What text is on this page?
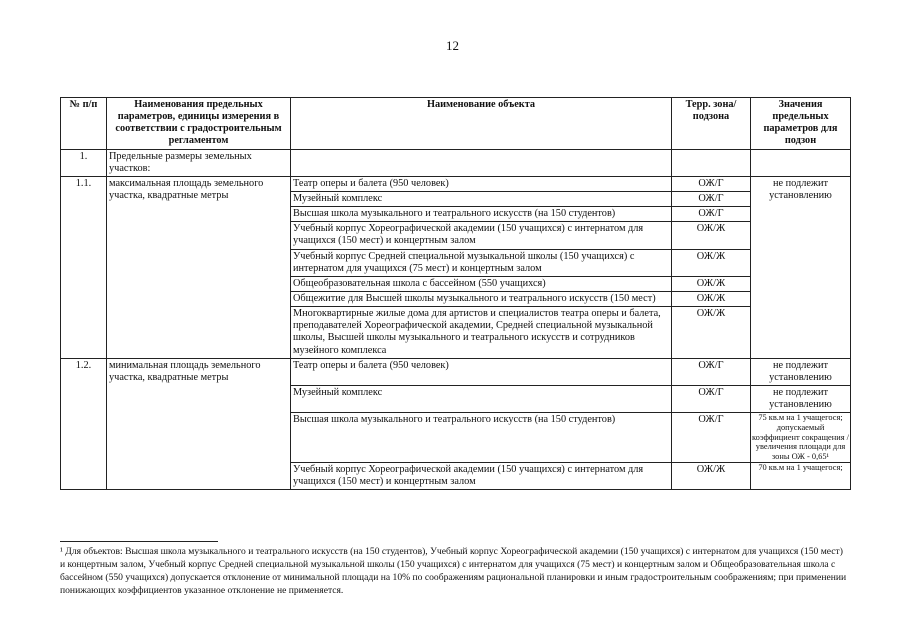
12
№ п/п	Наименования предельных параметров, единицы измерения в соответствии с градостроительным регламентом	Наименование объекта	Терр. зона/подзона	Значения предельных параметров для подзон
1.	Предельные размеры земельных участков:			
1.1.	максимальная площадь земельного участка, квадратные метры	Театр оперы и балета (950 человек)	ОЖ/Г	не подлежит установлению
		Музейный комплекс	ОЖ/Г	
		Высшая школа музыкального и театрального искусств (на 150 студентов)	ОЖ/Г	
		Учебный корпус Хореографической академии (150 учащихся) с интернатом для учащихся (150 мест) и концертным залом	ОЖ/Ж	
		Учебный корпус Средней специальной музыкальной школы (150 учащихся) с интернатом для учащихся (75 мест) и концертным залом	ОЖ/Ж	
		Общеобразовательная школа с бассейном (550 учащихся)	ОЖ/Ж	
		Общежитие для Высшей школы музыкального и театрального искусств (150 мест)	ОЖ/Ж	
		Многоквартирные жилые дома для артистов и специалистов театра оперы и балета, преподавателей Хореографической академии, Средней специальной музыкальной школы, Высшей школы музыкального и театрального искусств и сотрудников музейного комплекса	ОЖ/Ж	
1.2.	минимальная площадь земельного участка, квадратные метры	Театр оперы и балета (950 человек)	ОЖ/Г	не подлежит установлению
		Музейный комплекс	ОЖ/Г	не подлежит установлению
		Высшая школа музыкального и театрального искусств (на 150 студентов)	ОЖ/Г	75 кв.м на 1 учащегося; допускаемый коэффициент сокращения / увеличения площади для зоны ОЖ - 0,65¹
		Учебный корпус Хореографической академии (150 учащихся) с интернатом для учащихся (150 мест) и концертным залом	ОЖ/Ж	70 кв.м на 1 учащегося;
¹ Для объектов: Высшая школа музыкального и театрального искусств (на 150 студентов), Учебный корпус Хореографической академии (150 учащихся) с интернатом для учащихся (150 мест) и концертным залом, Учебный корпус Средней специальной музыкальной школы (150 учащихся) с интернатом для учащихся (75 мест) и концертным залом и Общеобразовательная школа с бассейном (550 учащихся) допускается отклонение от минимальной площади на 10% по соображениям рациональной планировки и иным градостроительным соображениям; при применении понижающих коэффициентов указанное отклонение не применяется.
